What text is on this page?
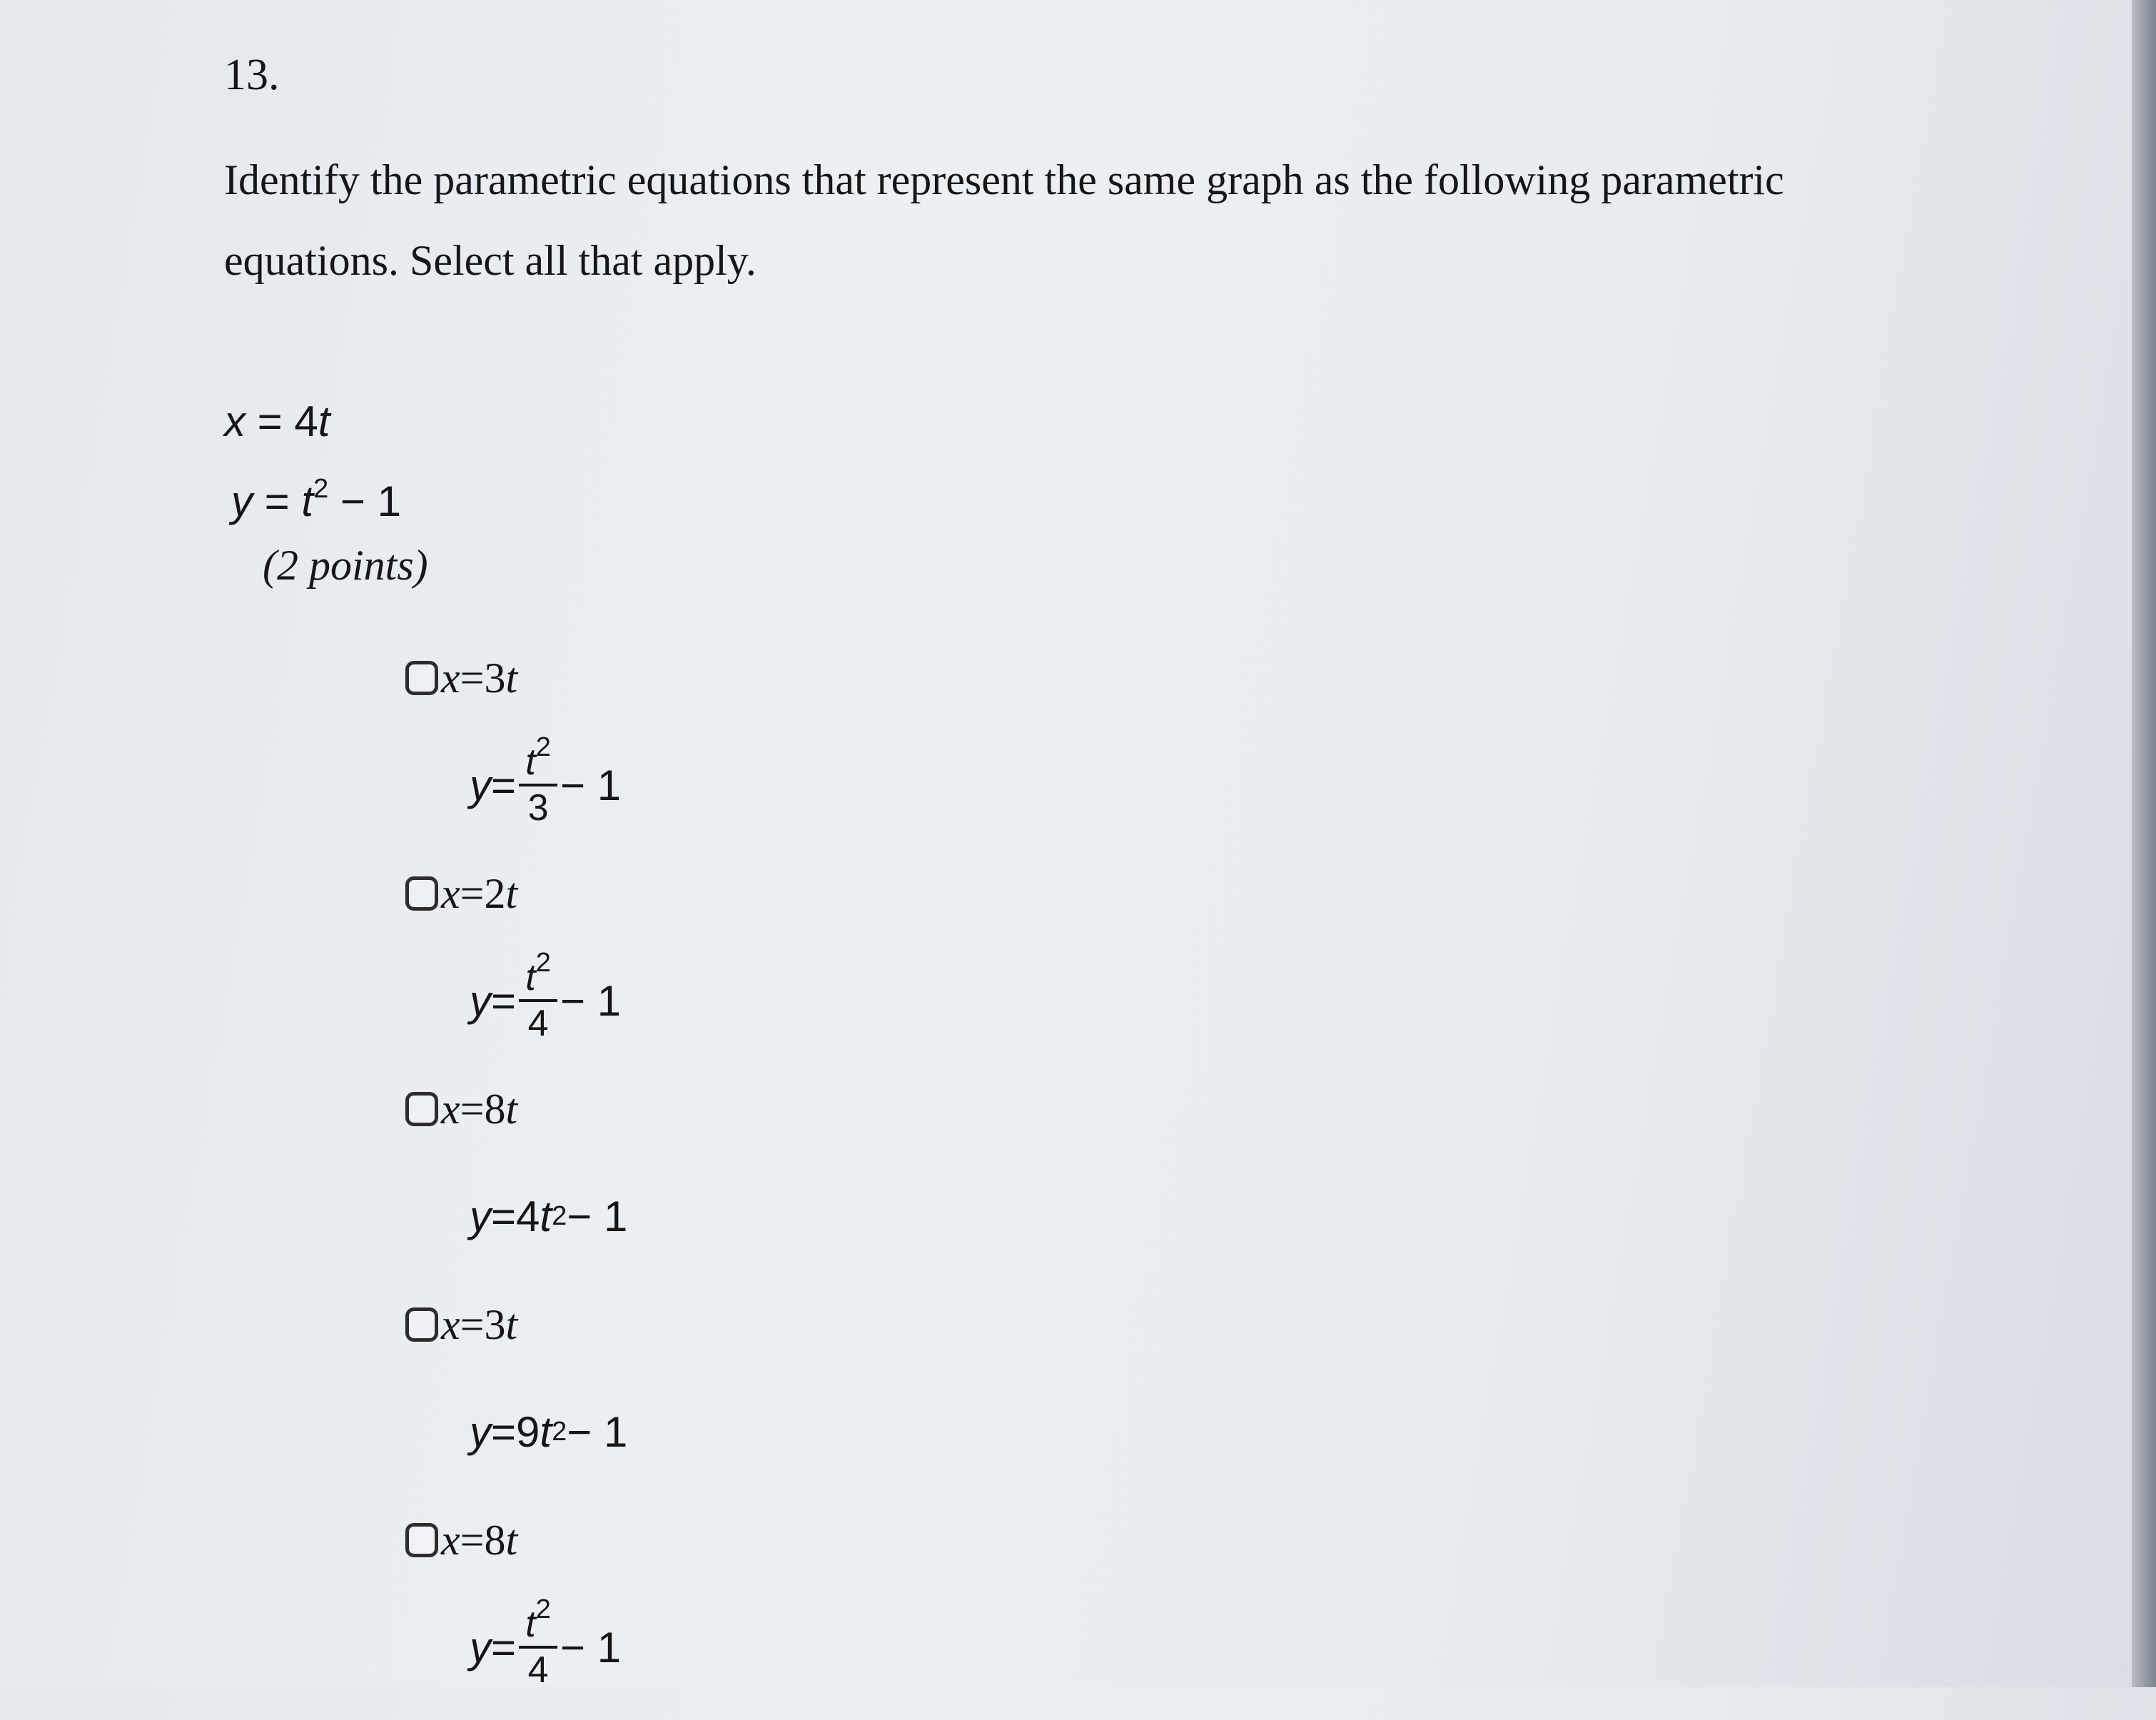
13.
Identify the parametric equations that represent the same graph as the following parametric equations. Select all that apply.
x = 4t
$y = t^2 - 1$
(2 points)
x = 3 t
$y = \frac{t^2}{3} - 1$
x = 2 t
$y = \frac{t^2}{4} - 1$
x = 8 t
y = 4 t 2 − 1
x = 3 t
y = 9 t 2 − 1
x = 8 t
$y = \frac{t^2}{4} - 1$
